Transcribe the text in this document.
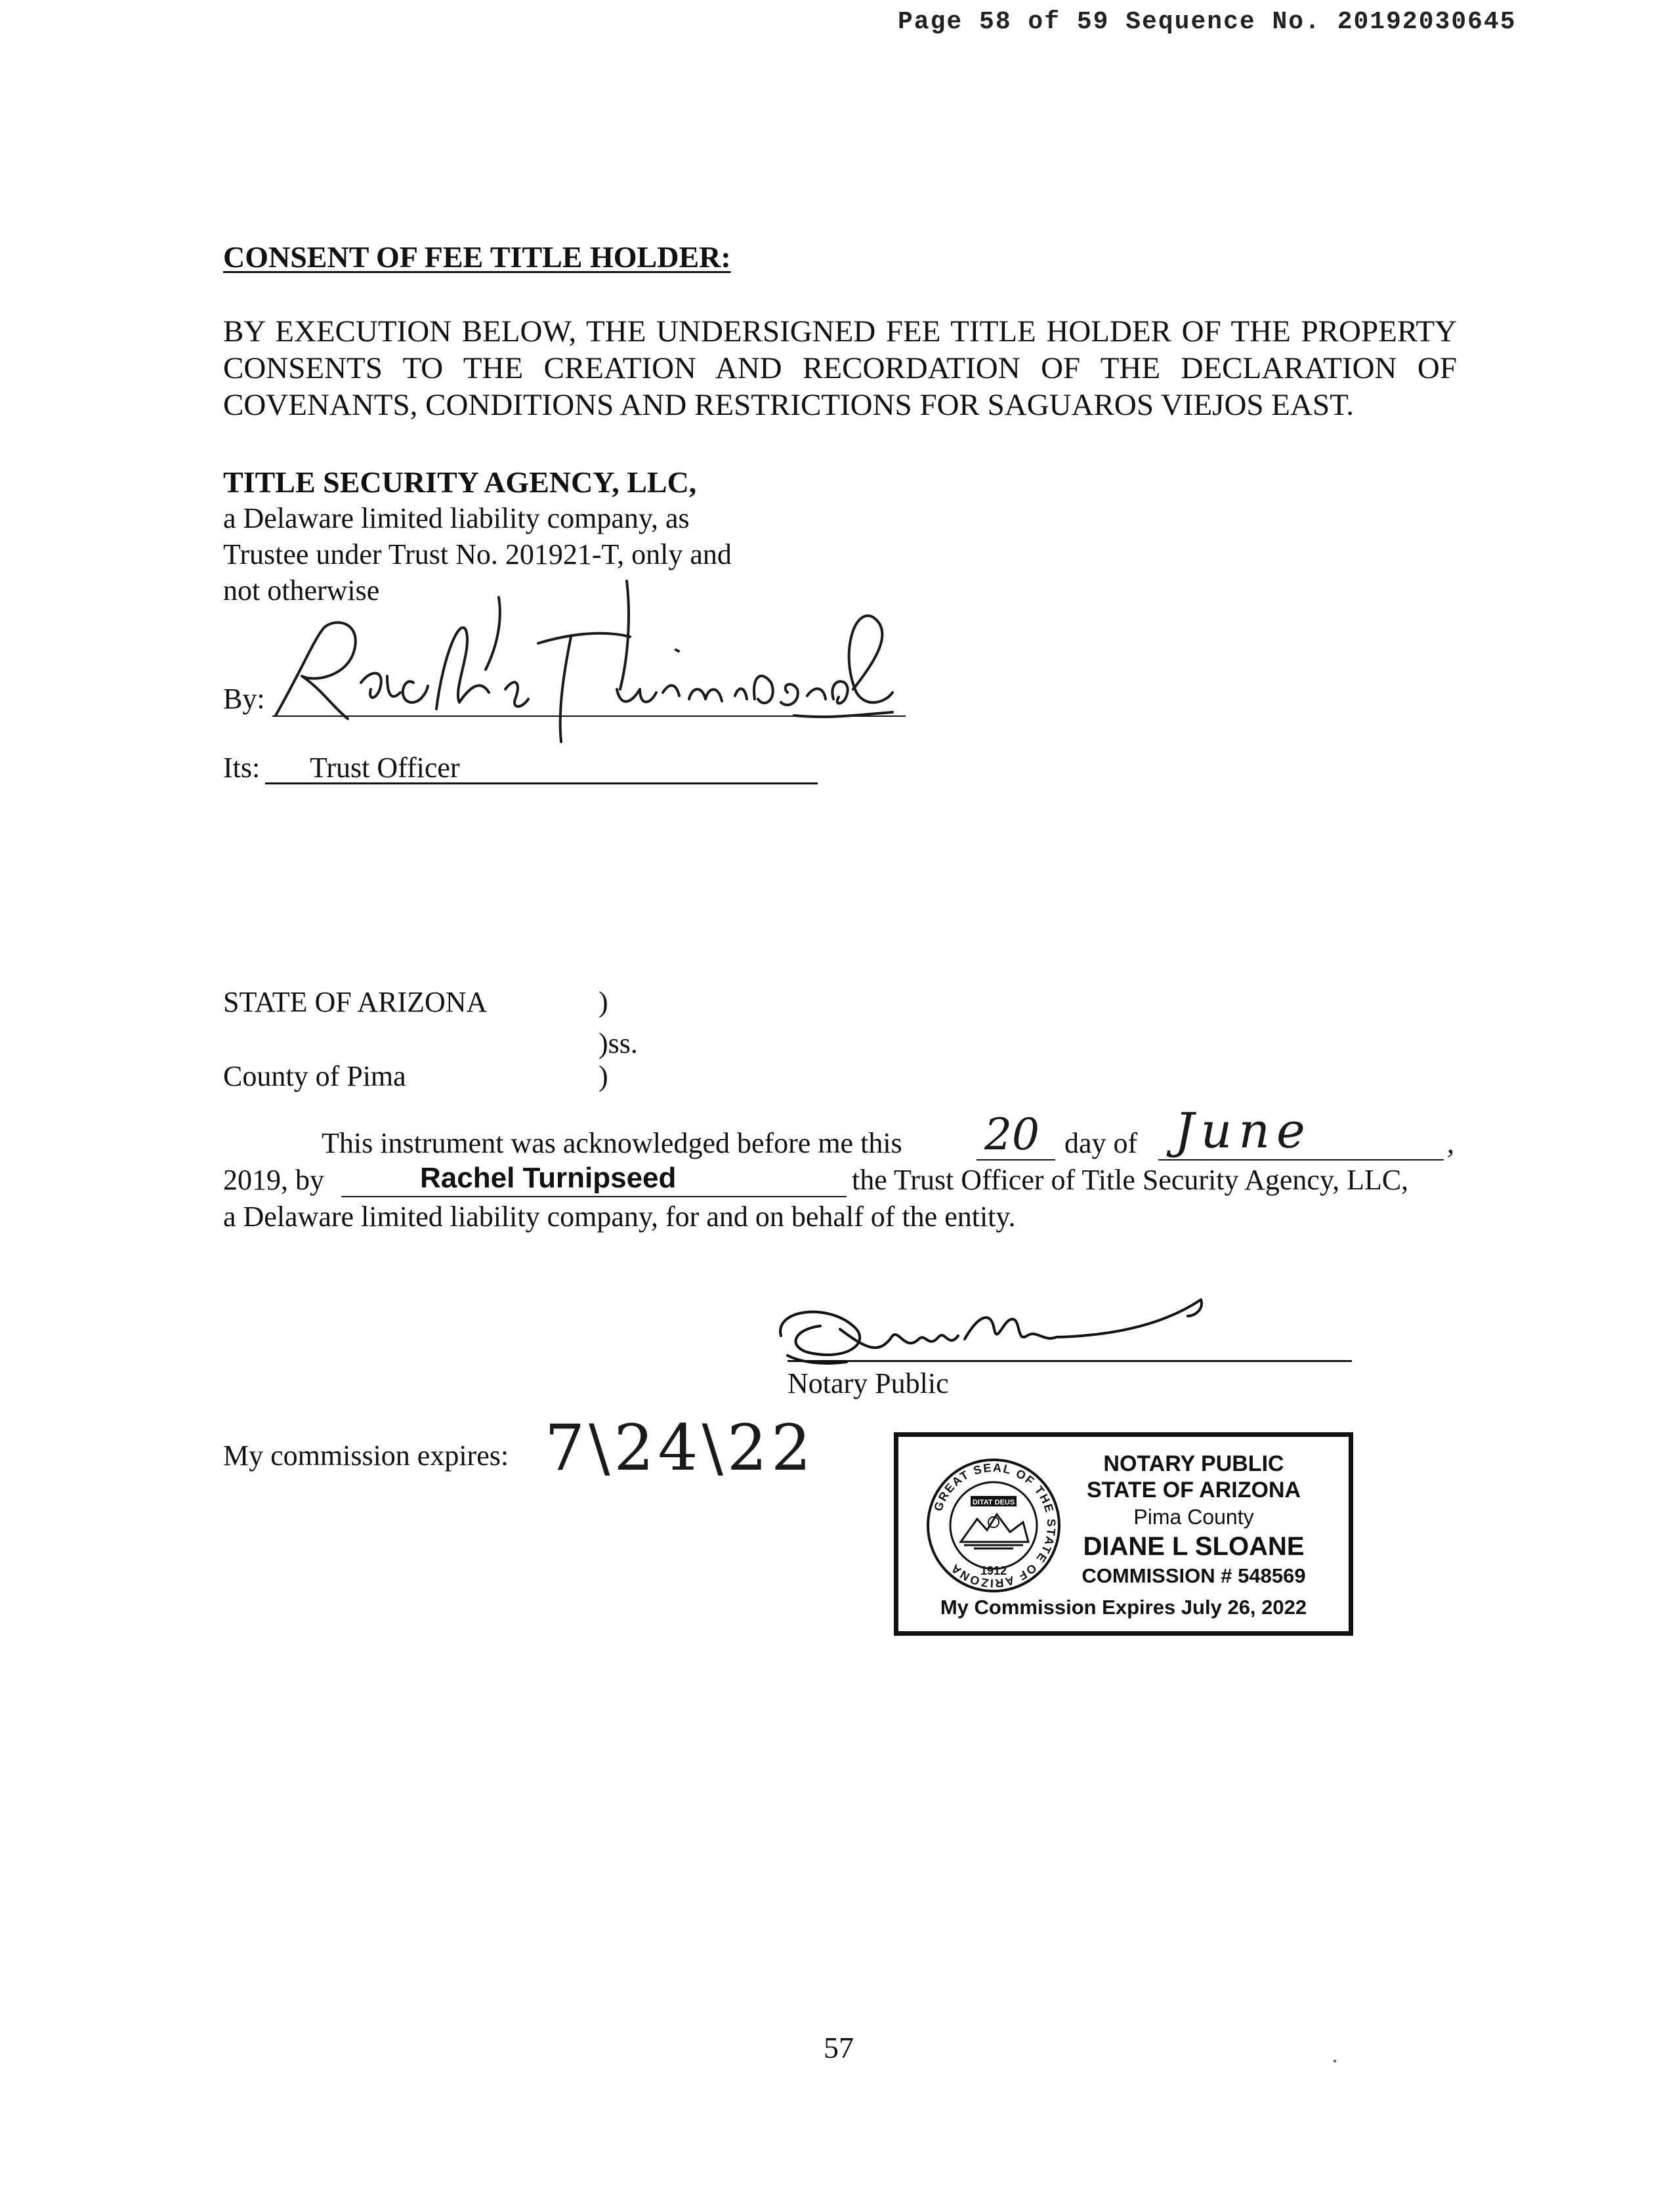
Page 58 of 59 Sequence No. 20192030645
CONSENT OF FEE TITLE HOLDER:
BY EXECUTION BELOW, THE UNDERSIGNED FEE TITLE HOLDER OF THE PROPERTY
CONSENTS TO THE CREATION AND RECORDATION OF THE DECLARATION OF
COVENANTS, CONDITIONS AND RESTRICTIONS FOR SAGUAROS VIEJOS EAST.
TITLE SECURITY AGENCY, LLC,
a Delaware limited liability company, as
Trustee under Trust No. 201921-T, only and
not otherwise
By:
Its: Trust Officer
STATE OF ARIZONA	)
)ss.
County of Pima	)
This instrument was acknowledged before me this 20 day of June	,
2019, by	Rachel Turnipseed	the Trust Officer of Title Security Agency, LLC,
a Delaware limited liability company, for and on behalf of the entity.
Notary Public
My commission expires: 7\24\22
GREAT SEAL OF THE STATE OF ARIZONA
DITAT DEUS
1912
NOTARY PUBLIC
STATE OF ARIZONA
Pima County
DIANE L SLOANE
COMMISSION # 548569
My Commission Expires July 26, 2022
57
